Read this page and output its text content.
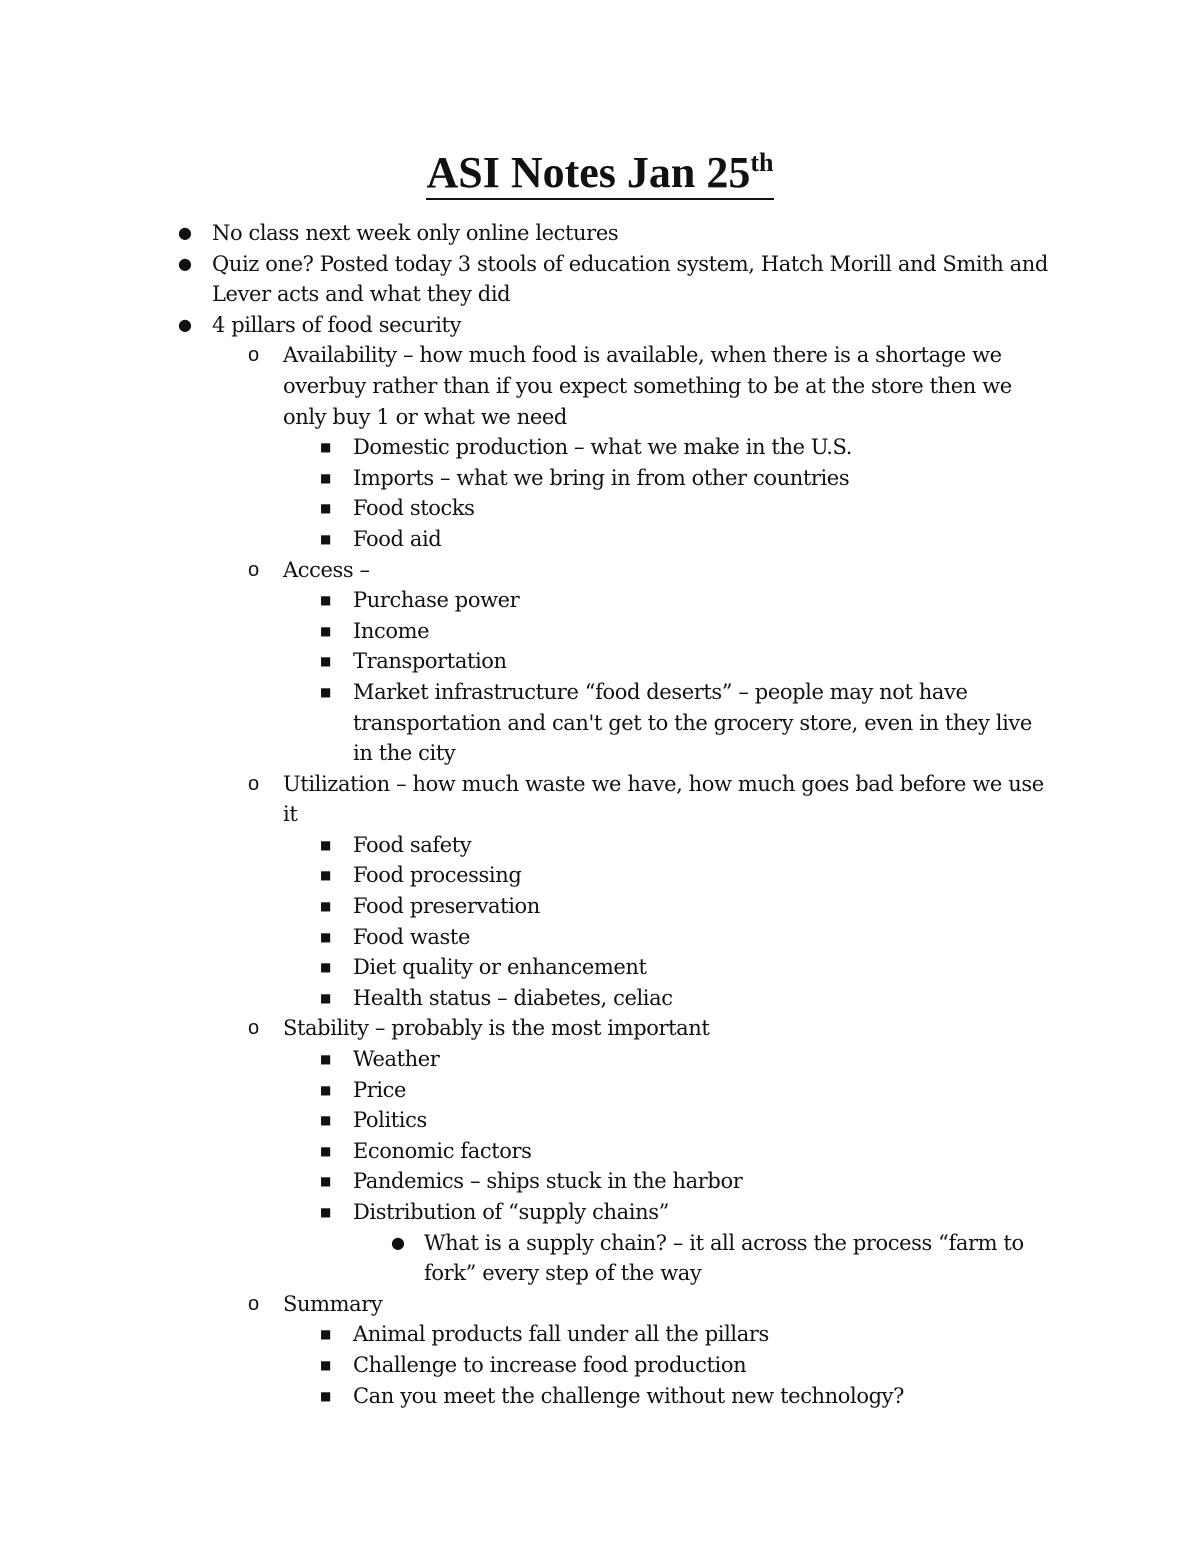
ASI Notes Jan 25th
● No class next week only online lectures
● Quiz one? Posted today 3 stools of education system, Hatch Morill and Smith and Lever acts and what they did
● 4 pillars of food security
o Availability – how much food is available, when there is a shortage we overbuy rather than if you expect something to be at the store then we only buy 1 or what we need
■ Domestic production – what we make in the U.S.
■ Imports – what we bring in from other countries
■ Food stocks
■ Food aid
o Access –
■ Purchase power
■ Income
■ Transportation
■ Market infrastructure “food deserts” – people may not have transportation and can't get to the grocery store, even in they live in the city
o Utilization – how much waste we have, how much goes bad before we use it
■ Food safety
■ Food processing
■ Food preservation
■ Food waste
■ Diet quality or enhancement
■ Health status – diabetes, celiac
o Stability – probably is the most important
■ Weather
■ Price
■ Politics
■ Economic factors
■ Pandemics – ships stuck in the harbor
■ Distribution of “supply chains”
● What is a supply chain? – it all across the process “farm to fork” every step of the way
o Summary
■ Animal products fall under all the pillars
■ Challenge to increase food production
■ Can you meet the challenge without new technology?
